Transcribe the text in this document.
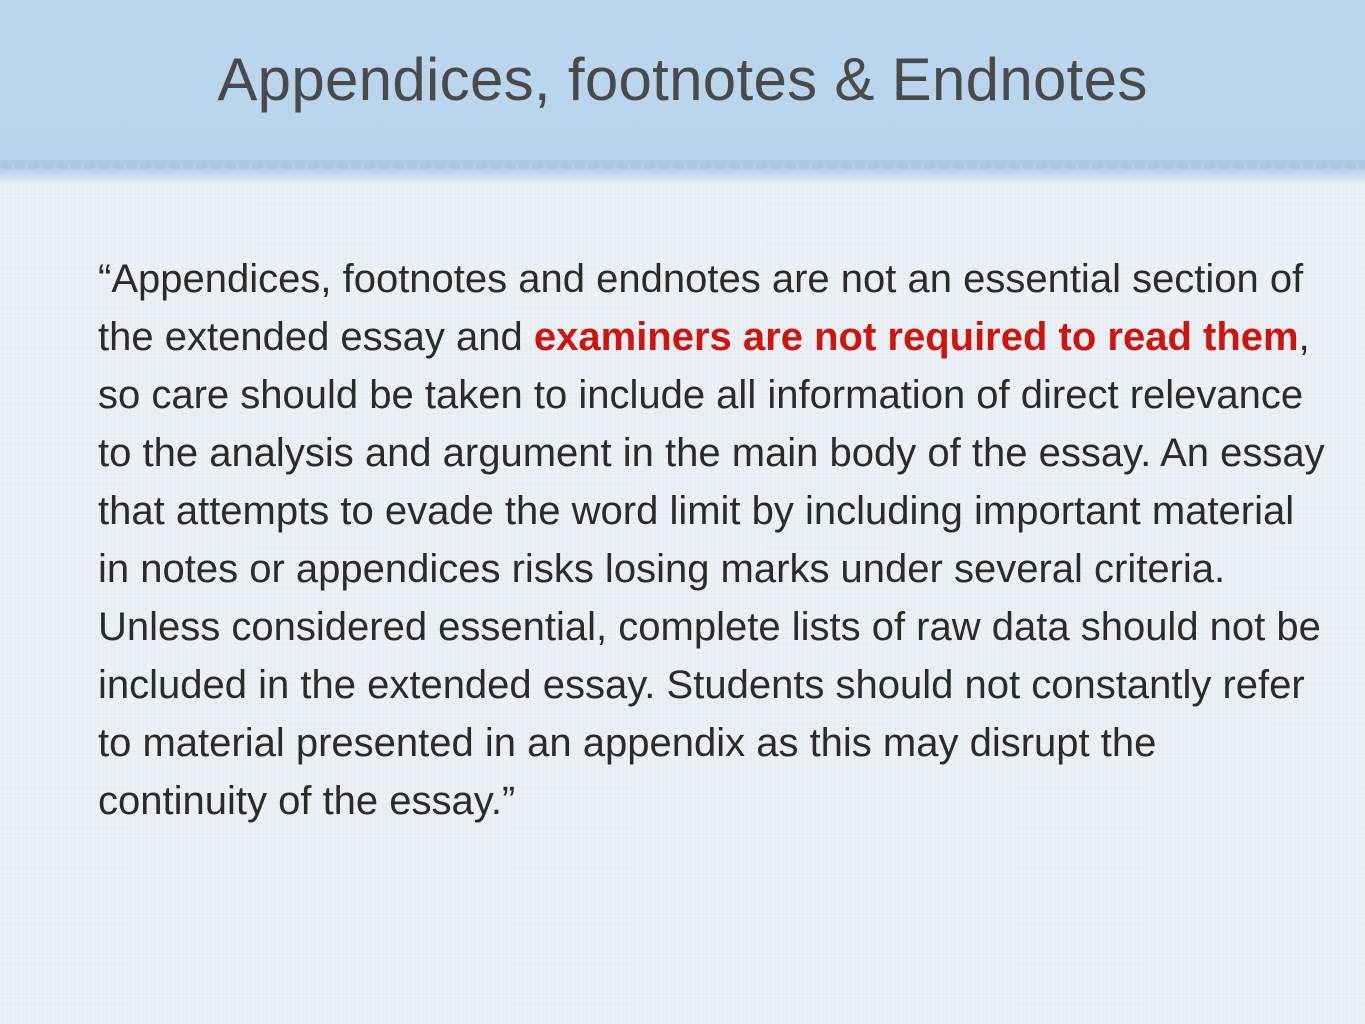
Appendices, footnotes & Endnotes

“Appendices, footnotes and endnotes are not an essential section of the extended essay and examiners are not required to read them, so care should be taken to include all information of direct relevance to the analysis and argument in the main body of the essay. An essay that attempts to evade the word limit by including important material in notes or appendices risks losing marks under several criteria. Unless considered essential, complete lists of raw data should not be included in the extended essay. Students should not constantly refer to material presented in an appendix as this may disrupt the continuity of the essay.”
